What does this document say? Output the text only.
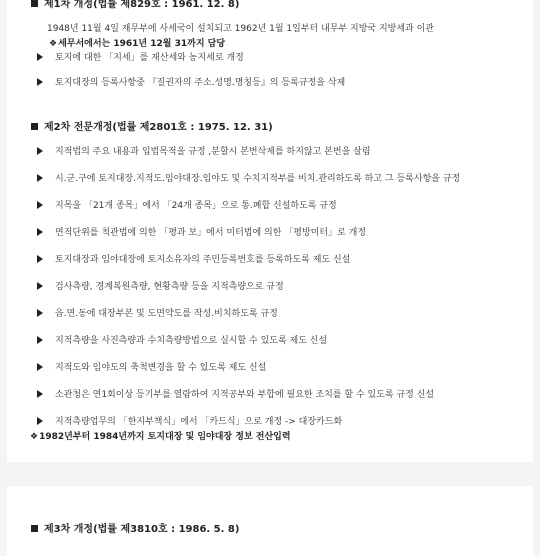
제1차 개정(법률 제829호 : 1961. 12. 8)
1948년 11월 4일 재무부에 사세국이 설치되고 1962년 1월 1일부터 내무부 지방국 지방세과 이관
❖세무서에서는 1961년 12월 31까지 담당
토지에 대한 「지세」를 재산세와 농지세로 개정
토지대장의 등록사항중 『질권자의 주소.성명.명칭등』의 등록규정을 삭제
제2차 전문개정(법률 제2801호 : 1975. 12. 31)
지적법의 주요 내용과 입법목적을 규정 ,분할시 본번삭제를 하지않고 본번을 살림
시.군.구에 토지대장.지적도.임야대장.임야도 및 수치지적부를 비치.관리하도록 하고 그 등록사항을 규정
지목을 「21개 종목」에서 「24개 종목」으로 통.폐합 신설하도록 규정
면적단위를 척관법에 의한 「평과 보」에서 미터법에 의한 「평방미터」로 개정
토지대장과 임야대장에 토지소유자의 주민등록번호를 등록하도록 제도 신설
검사측량, 경계복원측량, 현황측량 등을 지적측량으로 규정
읍.면.동에 대장부본 및 도면약도를 작성.비치하도록 규정
지적측량을 사진측량과 수치측량방법으로 실시할 수 있도록 제도 신설
지적도와 임야도의 축척변경을 할 수 있도록 제도 신설
소관청은 연1회이상 등기부를 열람하여 지적공부와 부합에 필요한 조치를 할 수 있도록 규정 신설
지적측량업무의 「한지부책식」에서 「카드식」으로 개정 -> 대장카드화
❖1982년부터 1984년까지 토지대장 및 임야대장 정보 전산입력
제3차 개정(법률 제3810호 : 1986. 5. 8)
